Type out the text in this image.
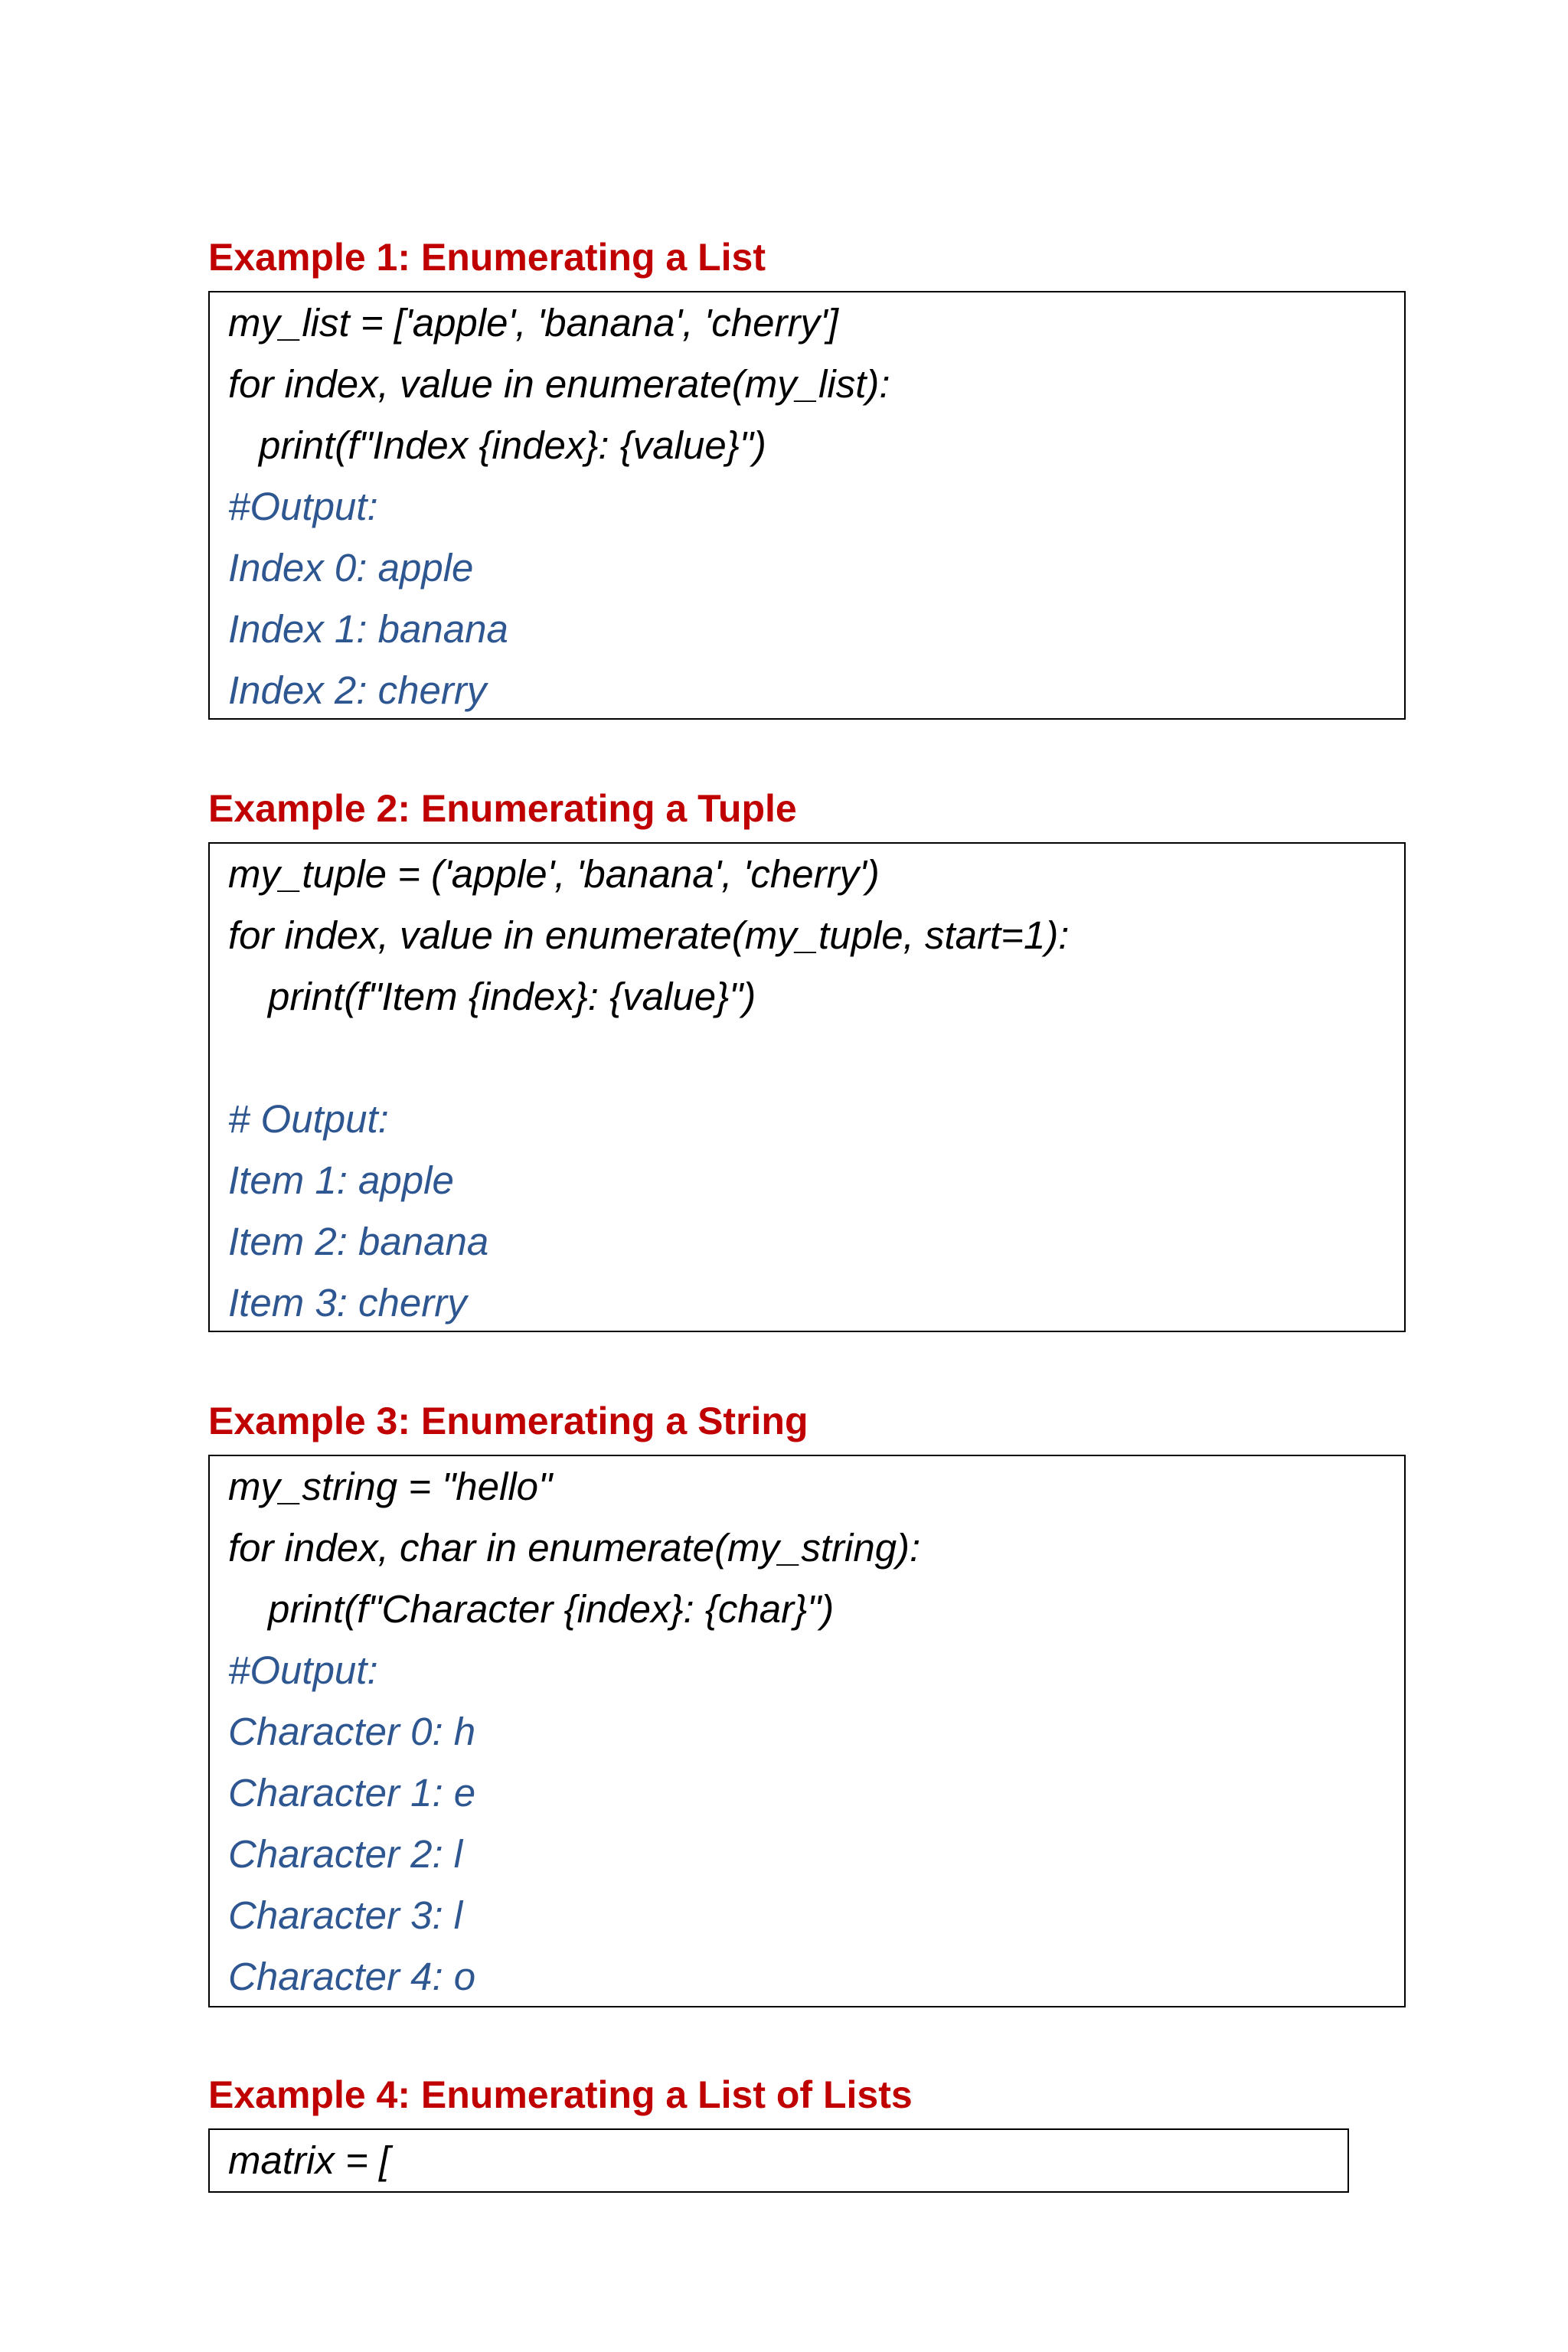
Example 1: Enumerating a List
my_list = ['apple', 'banana', 'cherry']
for index, value in enumerate(my_list):
print(f"Index {index}: {value}")
#Output:
Index 0: apple
Index 1: banana
Index 2: cherry
Example 2: Enumerating a Tuple
my_tuple = ('apple', 'banana', 'cherry')
for index, value in enumerate(my_tuple, start=1):
print(f"Item {index}: {value}")
# Output:
Item 1: apple
Item 2: banana
Item 3: cherry
Example 3: Enumerating a String
my_string = "hello"
for index, char in enumerate(my_string):
print(f"Character {index}: {char}")
#Output:
Character 0: h
Character 1: e
Character 2: l
Character 3: l
Character 4: o
Example 4: Enumerating a List of Lists
matrix = [
